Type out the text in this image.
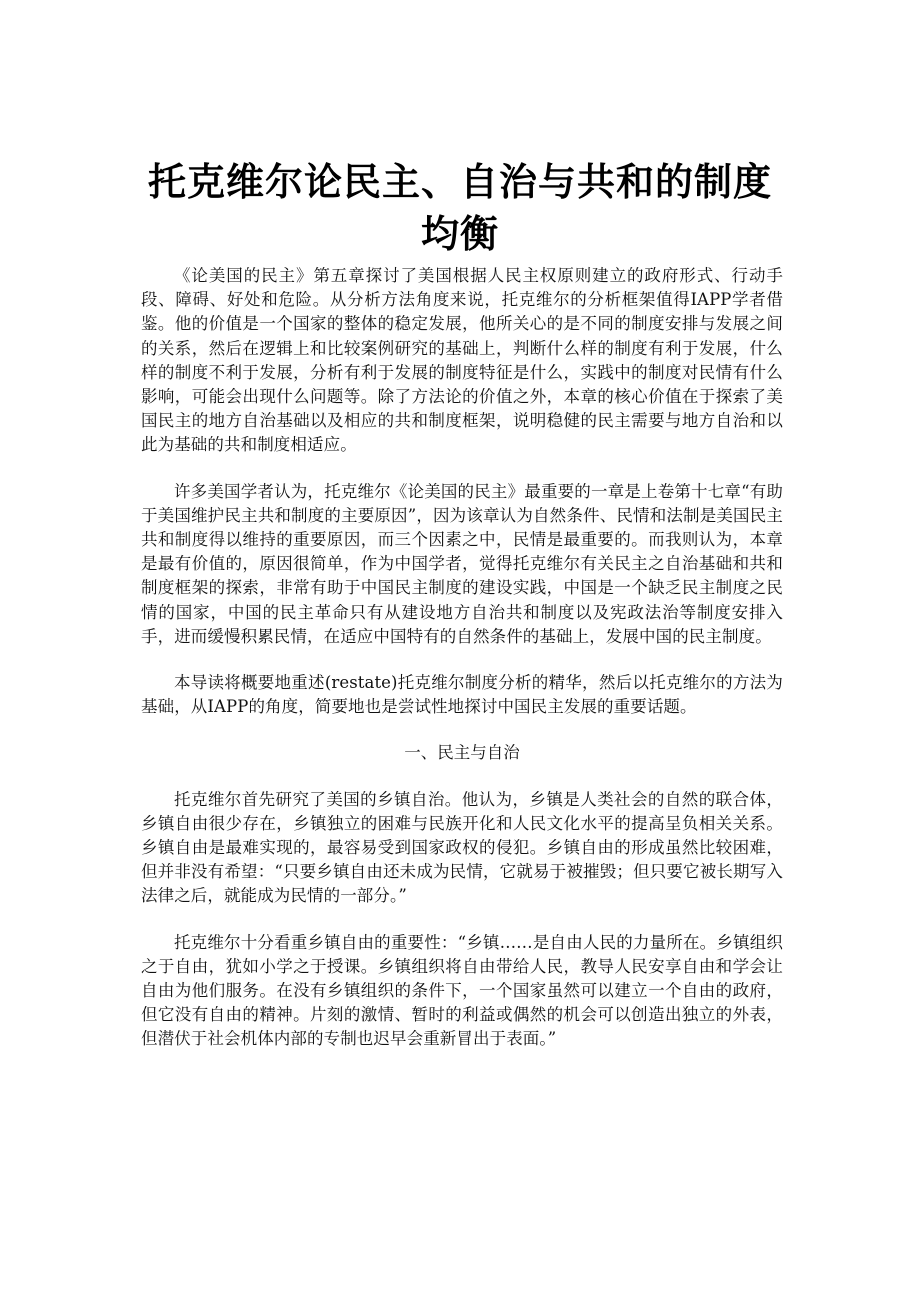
托克维尔论民主、自治与共和的制度均衡

《论美国的民主》第五章探讨了美国根据人民主权原则建立的政府形式、行动手段、障碍、好处和危险。从分析方法角度来说，托克维尔的分析框架值得IAPP学者借鉴。他的价值是一个国家的整体的稳定发展，他所关心的是不同的制度安排与发展之间的关系，然后在逻辑上和比较案例研究的基础上，判断什么样的制度有利于发展，什么样的制度不利于发展，分析有利于发展的制度特征是什么，实践中的制度对民情有什么影响，可能会出现什么问题等。除了方法论的价值之外，本章的核心价值在于探索了美国民主的地方自治基础以及相应的共和制度框架，说明稳健的民主需要与地方自治和以此为基础的共和制度相适应。

许多美国学者认为，托克维尔《论美国的民主》最重要的一章是上卷第十七章“有助于美国维护民主共和制度的主要原因”，因为该章认为自然条件、民情和法制是美国民主共和制度得以维持的重要原因，而三个因素之中，民情是最重要的。而我则认为，本章是最有价值的，原因很简单，作为中国学者，觉得托克维尔有关民主之自治基础和共和制度框架的探索，非常有助于中国民主制度的建设实践，中国是一个缺乏民主制度之民情的国家，中国的民主革命只有从建设地方自治共和制度以及宪政法治等制度安排入手，进而缓慢积累民情，在适应中国特有的自然条件的基础上，发展中国的民主制度。

本导读将概要地重述(restate)托克维尔制度分析的精华，然后以托克维尔的方法为基础，从IAPP的角度，简要地也是尝试性地探讨中国民主发展的重要话题。

一、民主与自治

托克维尔首先研究了美国的乡镇自治。他认为，乡镇是人类社会的自然的联合体，乡镇自由很少存在，乡镇独立的困难与民族开化和人民文化水平的提高呈负相关关系。乡镇自由是最难实现的，最容易受到国家政权的侵犯。乡镇自由的形成虽然比较困难，但并非没有希望：“只要乡镇自由还未成为民情，它就易于被摧毁；但只要它被长期写入法律之后，就能成为民情的一部分。”

托克维尔十分看重乡镇自由的重要性：“乡镇……是自由人民的力量所在。乡镇组织之于自由，犹如小学之于授课。乡镇组织将自由带给人民，教导人民安享自由和学会让自由为他们服务。在没有乡镇组织的条件下，一个国家虽然可以建立一个自由的政府，但它没有自由的精神。片刻的激情、暂时的利益或偶然的机会可以创造出独立的外表，但潜伏于社会机体内部的专制也迟早会重新冒出于表面。”
